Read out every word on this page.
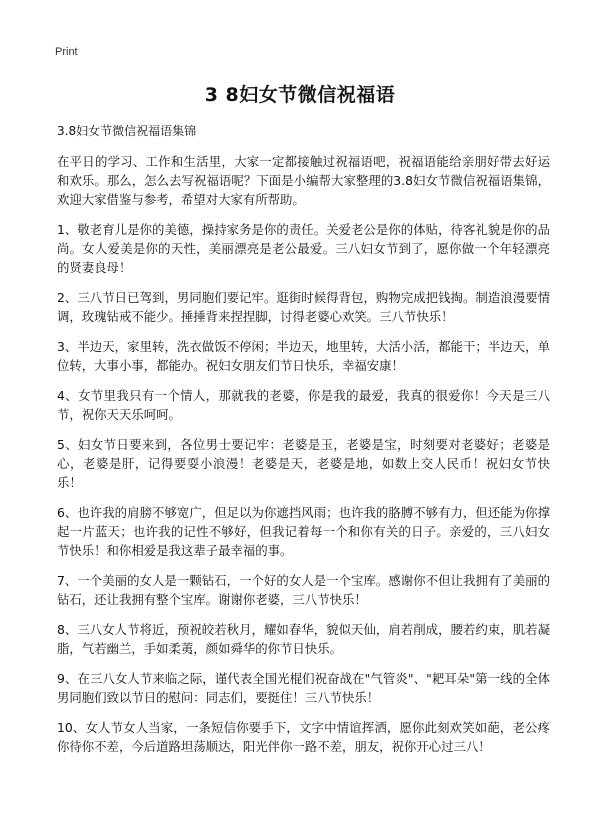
Print
3 8妇女节微信祝福语
3.8妇女节微信祝福语集锦

在平日的学习、工作和生活里，大家一定都接触过祝福语吧，祝福语能给亲朋好带去好运和欢乐。那么，怎么去写祝福语呢？下面是小编帮大家整理的3.8妇女节微信祝福语集锦，欢迎大家借鉴与参考，希望对大家有所帮助。

1、敬老育儿是你的美德，操持家务是你的责任。关爱老公是你的体贴，待客礼貌是你的品尚。女人爱美是你的天性，美丽漂亮是老公最爱。三八妇女节到了，愿你做一个年轻漂亮的贤妻良母！

2、三八节日已驾到，男同胞们要记牢。逛街时候得背包，购物完成把钱掏。制造浪漫要情调，玫瑰钻戒不能少。捶捶背来捏捏脚，讨得老婆心欢笑。三八节快乐！

3、半边天，家里转，洗衣做饭不停闲；半边天，地里转，大活小活，都能干；半边天，单位转，大事小事，都能办。祝妇女朋友们节日快乐，幸福安康！

4、女节里我只有一个情人，那就我的老婆，你是我的最爱，我真的很爱你！今天是三八节，祝你天天乐呵呵。

5、妇女节日要来到，各位男士要记牢：老婆是玉，老婆是宝，时刻要对老婆好；老婆是心，老婆是肝，记得要耍小浪漫！老婆是天，老婆是地，如数上交人民币！祝妇女节快乐！

6、也许我的肩膀不够宽广，但足以为你遮挡风雨；也许我的胳膊不够有力，但还能为你撑起一片蓝天；也许我的记性不够好，但我记着每一个和你有关的日子。亲爱的，三八妇女节快乐！和你相爱是我这辈子最幸福的事。

7、一个美丽的女人是一颗钻石，一个好的女人是一个宝库。感谢你不但让我拥有了美丽的钻石，还让我拥有整个宝库。谢谢你老婆，三八节快乐！

8、三八女人节将近，预祝皎若秋月，耀如春华，貌似天仙，肩若削成，腰若约束，肌若凝脂，气若幽兰，手如柔荑，颜如舜华的你节日快乐。

9、在三八女人节来临之际，谨代表全国光棍们祝奋战在"气管炎"、"耙耳朵"第一线的全体男同胞们致以节日的慰问：同志们，要挺住！三八节快乐！

10、女人节女人当家，一条短信你要手下，文字中情谊挥洒，愿你此刻欢笑如葩，老公疼你待你不差，今后道路坦荡顺达，阳光伴你一路不差，朋友，祝你开心过三八！
